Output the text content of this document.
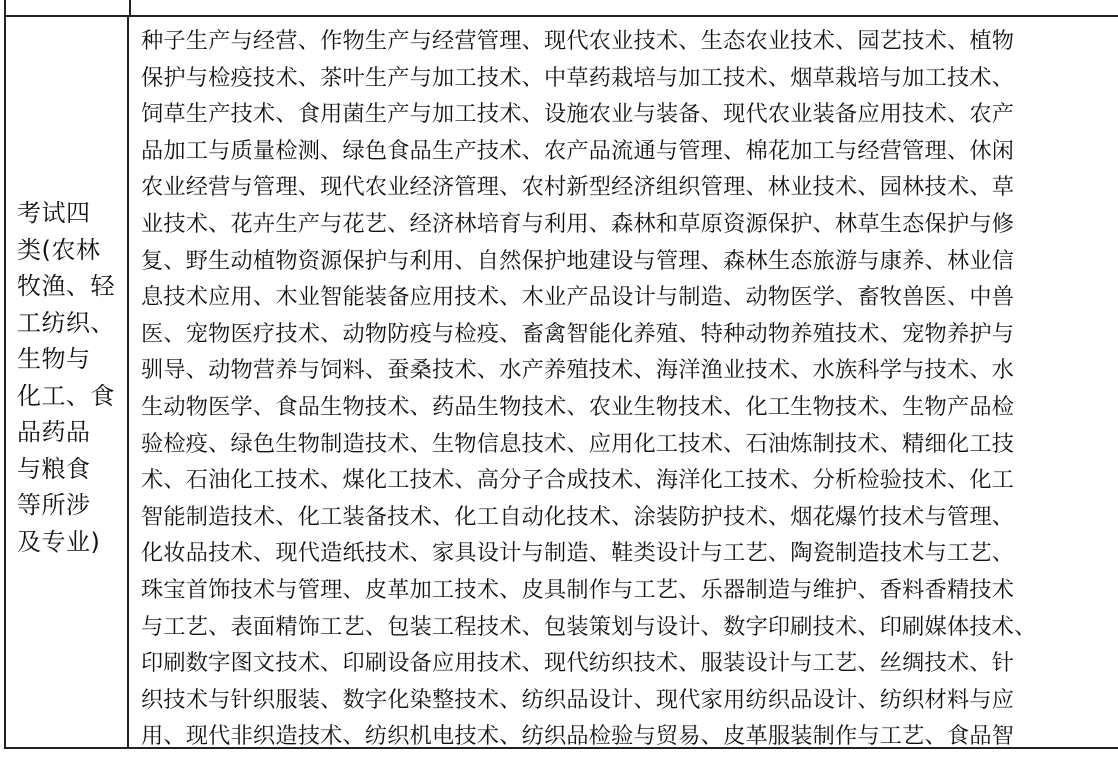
考试四
类(农林
牧渔、轻
工纺织、
生物与
化工、食
品药品
与粮食
等所涉
及专业)
种子生产与经营、作物生产与经营管理、现代农业技术、生态农业技术、园艺技术、植物
保护与检疫技术、茶叶生产与加工技术、中草药栽培与加工技术、烟草栽培与加工技术、
饲草生产技术、食用菌生产与加工技术、设施农业与装备、现代农业装备应用技术、农产
品加工与质量检测、绿色食品生产技术、农产品流通与管理、棉花加工与经营管理、休闲
农业经营与管理、现代农业经济管理、农村新型经济组织管理、林业技术、园林技术、草
业技术、花卉生产与花艺、经济林培育与利用、森林和草原资源保护、林草生态保护与修
复、野生动植物资源保护与利用、自然保护地建设与管理、森林生态旅游与康养、林业信
息技术应用、木业智能装备应用技术、木业产品设计与制造、动物医学、畜牧兽医、中兽
医、宠物医疗技术、动物防疫与检疫、畜禽智能化养殖、特种动物养殖技术、宠物养护与
驯导、动物营养与饲料、蚕桑技术、水产养殖技术、海洋渔业技术、水族科学与技术、水
生动物医学、食品生物技术、药品生物技术、农业生物技术、化工生物技术、生物产品检
验检疫、绿色生物制造技术、生物信息技术、应用化工技术、石油炼制技术、精细化工技
术、石油化工技术、煤化工技术、高分子合成技术、海洋化工技术、分析检验技术、化工
智能制造技术、化工装备技术、化工自动化技术、涂装防护技术、烟花爆竹技术与管理、
化妆品技术、现代造纸技术、家具设计与制造、鞋类设计与工艺、陶瓷制造技术与工艺、
珠宝首饰技术与管理、皮革加工技术、皮具制作与工艺、乐器制造与维护、香料香精技术
与工艺、表面精饰工艺、包装工程技术、包装策划与设计、数字印刷技术、印刷媒体技术、
印刷数字图文技术、印刷设备应用技术、现代纺织技术、服装设计与工艺、丝绸技术、针
织技术与针织服装、数字化染整技术、纺织品设计、现代家用纺织品设计、纺织材料与应
用、现代非织造技术、纺织机电技术、纺织品检验与贸易、皮革服装制作与工艺、食品智
